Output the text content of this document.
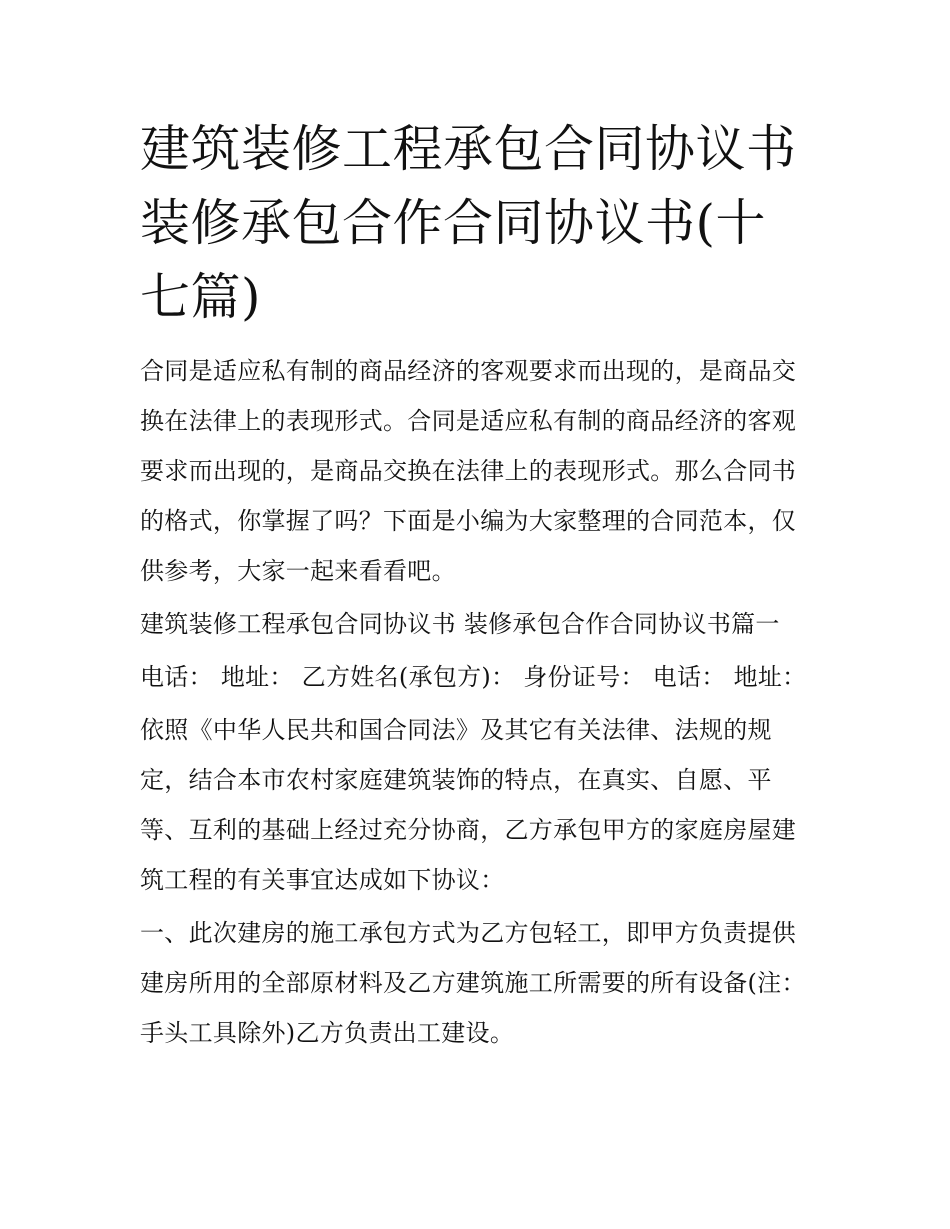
建筑装修工程承包合同协议书 装修承包合作合同协议书(十七篇)

合同是适应私有制的商品经济的客观要求而出现的，是商品交换在法律上的表现形式。合同是适应私有制的商品经济的客观要求而出现的，是商品交换在法律上的表现形式。那么合同书的格式，你掌握了吗？下面是小编为大家整理的合同范本，仅供参考，大家一起来看看吧。

建筑装修工程承包合同协议书 装修承包合作合同协议书篇一

电话： 地址： 乙方姓名(承包方)： 身份证号： 电话： 地址：

依照《中华人民共和国合同法》及其它有关法律、法规的规定，结合本市农村家庭建筑装饰的特点，在真实、自愿、平等、互利的基础上经过充分协商，乙方承包甲方的家庭房屋建筑工程的有关事宜达成如下协议：

一、此次建房的施工承包方式为乙方包轻工，即甲方负责提供建房所用的全部原材料及乙方建筑施工所需要的所有设备(注：手头工具除外)乙方负责出工建设。
